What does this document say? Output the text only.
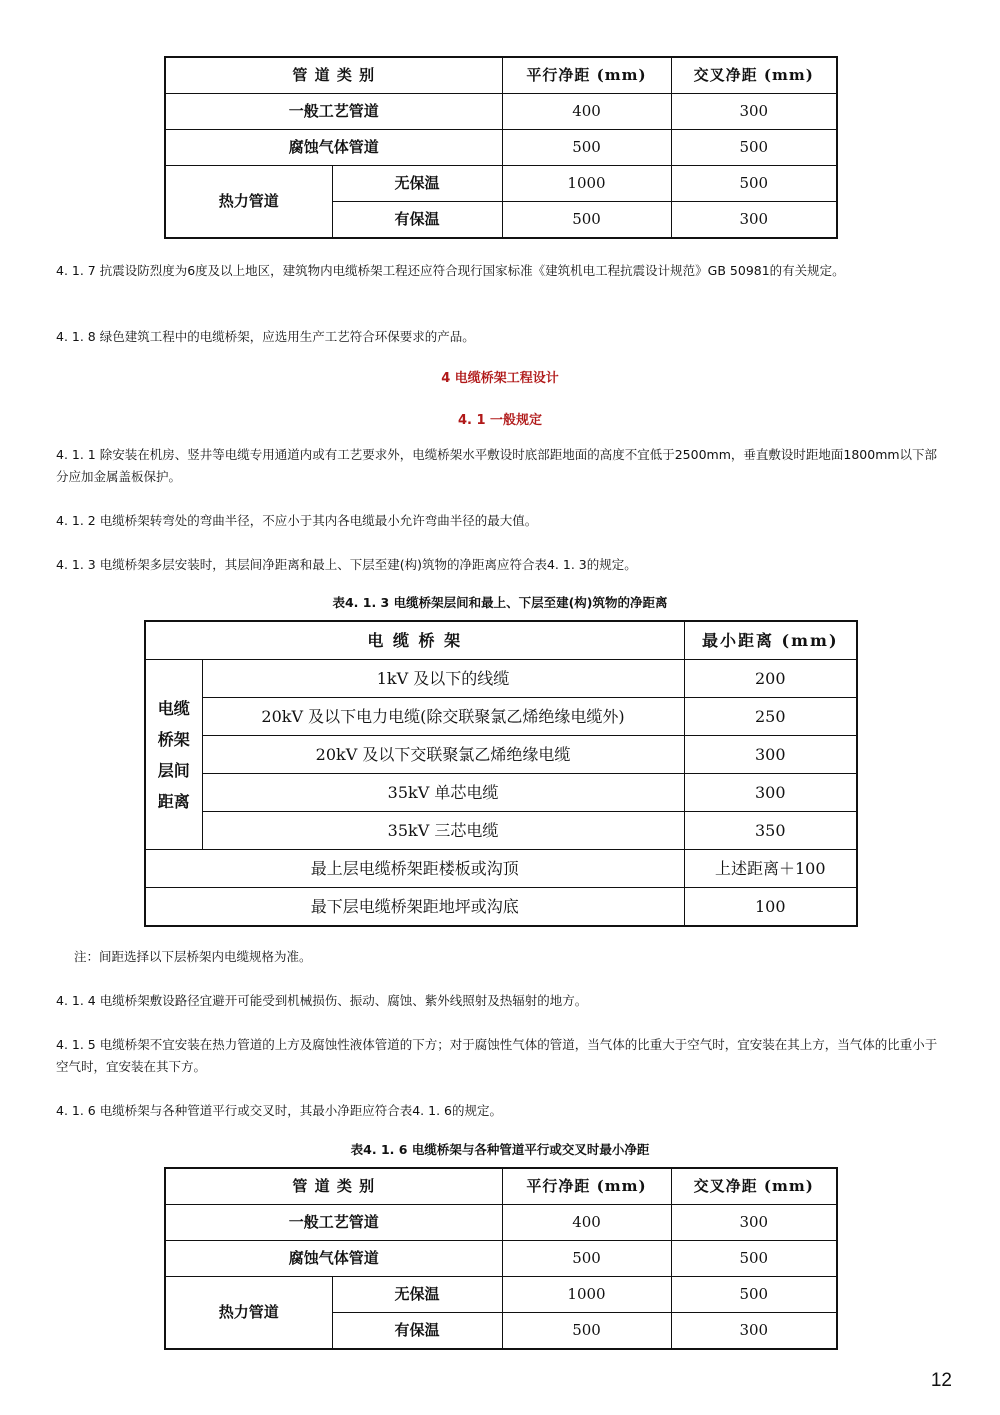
管 道 类 别		平行净距 (mm)	交叉净距 (mm)
一般工艺管道		400	300
腐蚀气体管道		500	500
热力管道	无保温	1000	500
	有保温	500	300
4. 1. 7 抗震设防烈度为6度及以上地区，建筑物内电缆桥架工程还应符合现行国家标准《建筑机电工程抗震设计规范》GB 50981的有关规定。
4. 1. 8 绿色建筑工程中的电缆桥架，应选用生产工艺符合环保要求的产品。
4 电缆桥架工程设计
4. 1 一般规定
4. 1. 1 除安装在机房、竖井等电缆专用通道内或有工艺要求外，电缆桥架水平敷设时底部距地面的高度不宜低于2500mm，垂直敷设时距地面1800mm以下部分应加金属盖板保护。
4. 1. 2 电缆桥架转弯处的弯曲半径，不应小于其内各电缆最小允许弯曲半径的最大值。
4. 1. 3 电缆桥架多层安装时，其层间净距离和最上、下层至建(构)筑物的净距离应符合表4. 1. 3的规定。
表4. 1. 3 电缆桥架层间和最上、下层至建(构)筑物的净距离
电 缆 桥 架		最小距离 (mm)

电缆
桥架
层间
距离	1kV 及以下的线缆	200
	20kV 及以下电力电缆(除交联聚氯乙烯绝缘电缆外)	250
	20kV 及以下交联聚氯乙烯绝缘电缆	300
	35kV 单芯电缆	300
	35kV 三芯电缆	350
最上层电缆桥架距楼板或沟顶		上述距离＋100
最下层电缆桥架距地坪或沟底		100
注：间距选择以下层桥架内电缆规格为准。
4. 1. 4 电缆桥架敷设路径宜避开可能受到机械损伤、振动、腐蚀、紫外线照射及热辐射的地方。
4. 1. 5 电缆桥架不宜安装在热力管道的上方及腐蚀性液体管道的下方；对于腐蚀性气体的管道，当气体的比重大于空气时，宜安装在其上方，当气体的比重小于空气时，宜安装在其下方。
4. 1. 6 电缆桥架与各种管道平行或交叉时，其最小净距应符合表4. 1. 6的规定。
表4. 1. 6 电缆桥架与各种管道平行或交叉时最小净距
管 道 类 别		平行净距 (mm)	交叉净距 (mm)
一般工艺管道		400	300
腐蚀气体管道		500	500
热力管道	无保温	1000	500
	有保温	500	300
12
